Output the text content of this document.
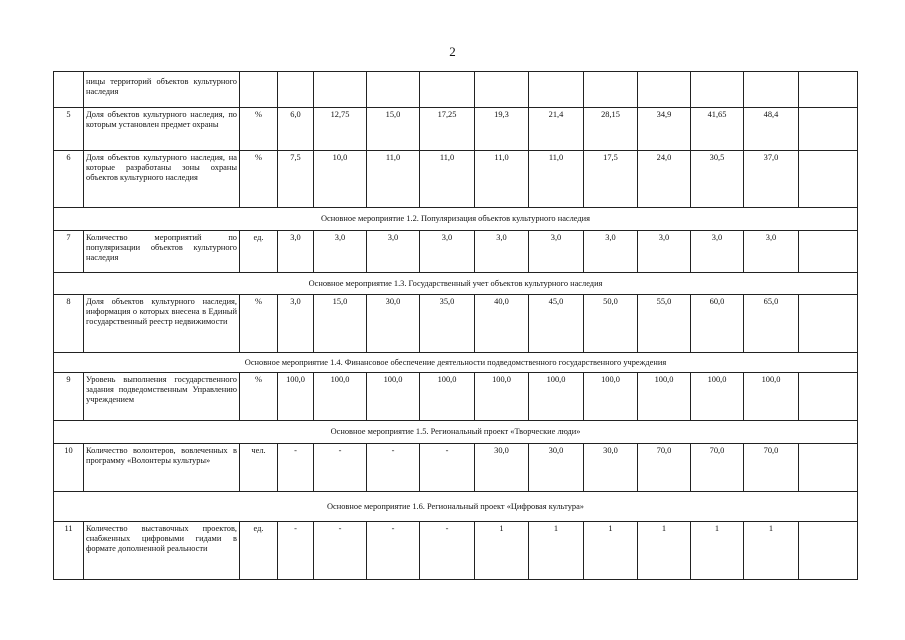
2
	ницы территорий объектов культурного наследия												
5	Доля объектов культурного наследия, по которым установлен предмет охраны	%	6,0	12,75	15,0	17,25	19,3	21,4	28,15	34,9	41,65	48,4	
6	Доля объектов культурного наследия, на которые разработаны зоны охраны объектов культурного наследия	%	7,5	10,0	11,0	11,0	11,0	11,0	17,5	24,0	30,5	37,0	
Основное мероприятие 1.2. Популяризация объектов культурного наследия													
7	Количество мероприятий по популяризации объектов культурного наследия	ед.	3,0	3,0	3,0	3,0	3,0	3,0	3,0	3,0	3,0	3,0	
Основное мероприятие 1.3. Государственный учет объектов культурного наследия													
8	Доля объектов культурного наследия, информация о которых внесена в Единый государственный реестр недвижимости	%	3,0	15,0	30,0	35,0	40,0	45,0	50,0	55,0	60,0	65,0	
Основное мероприятие 1.4. Финансовое обеспечение деятельности подведомственного государственного учреждения													
9	Уровень выполнения государственного задания подведомственным Управлению учреждением	%	100,0	100,0	100,0	100,0	100,0	100,0	100,0	100,0	100,0	100,0	
Основное мероприятие 1.5. Региональный проект «Творческие люди»													
10	Количество волонтеров, вовлеченных в программу «Волонтеры культуры»	чел.	-	-	-	-	30,0	30,0	30,0	70,0	70,0	70,0	
Основное мероприятие 1.6. Региональный проект «Цифровая культура»													
11	Количество выставочных проектов, снабженных цифровыми гидами в формате дополненной реальности	ед.	-	-	-	-	1	1	1	1	1	1	
